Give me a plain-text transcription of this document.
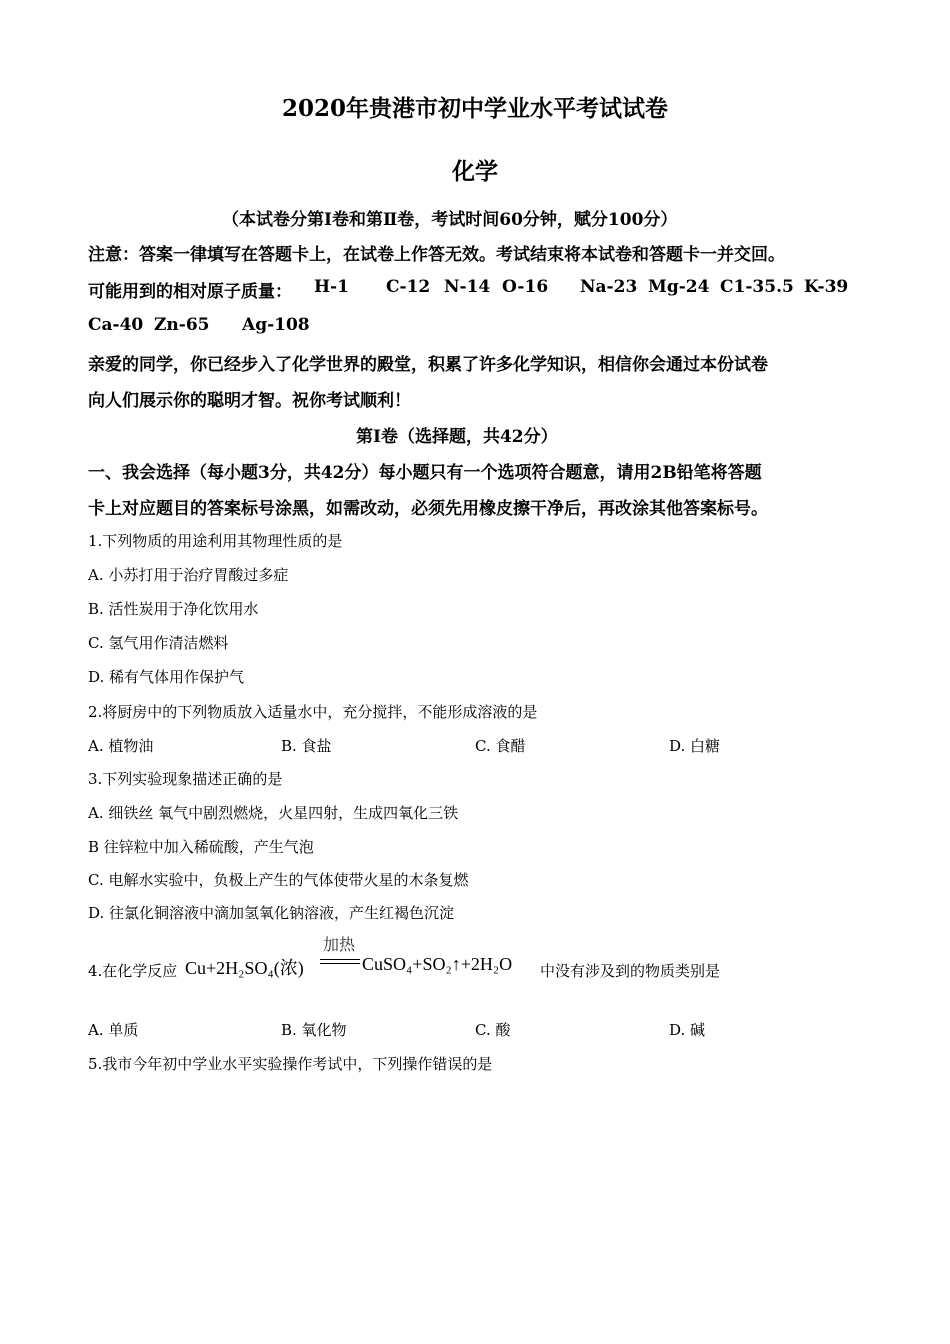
2020年贵港市初中学业水平考试试卷
化学
（本试卷分第Ⅰ卷和第Ⅱ卷，考试时间60分钟，赋分100分）
注意：答案一律填写在答题卡上，在试卷上作答无效。考试结束将本试卷和答题卡一并交回。
可能用到的相对原子质量： H-1 C-12 N-14 O-16 Na-23 Mg-24 C1-35.5 K-39
Ca-40 Zn-65 Ag-108
亲爱的同学，你已经步入了化学世界的殿堂，积累了许多化学知识，相信你会通过本份试卷
向人们展示你的聪明才智。祝你考试顺利！
第I卷（选择题，共42分）
一、我会选择（每小题3分，共42分）每小题只有一个选项符合题意，请用2B铅笔将答题
卡上对应题目的答案标号涂黑，如需改动，必须先用橡皮擦干净后，再改涂其他答案标号。
1.下列物质的用途利用其物理性质的是
A. 小苏打用于治疗胃酸过多症
B. 活性炭用于净化饮用水
C. 氢气用作清洁燃料
D. 稀有气体用作保护气
2.将厨房中的下列物质放入适量水中，充分搅拌，不能形成溶液的是
A. 植物油	B. 食盐	C. 食醋	D. 白糖
3.下列实验现象描述正确的是
A. 细铁丝 氧气中剧烈燃烧，火星四射，生成四氧化三铁
B 往锌粒中加入稀硫酸，产生气泡
C. 电解水实验中，负极上产生的气体使带火星的木条复燃
D. 往氯化铜溶液中滴加氢氧化钠溶液，产生红褐色沉淀
4.在化学反应 Cu+2H₂SO₄(浓)
加热
CuSO₄+SO₂↑+2H₂O 中没有涉及到的物质类别是
A. 单质	B. 氧化物	C. 酸	D. 碱
5.我市今年初中学业水平实验操作考试中，下列操作错误的是
